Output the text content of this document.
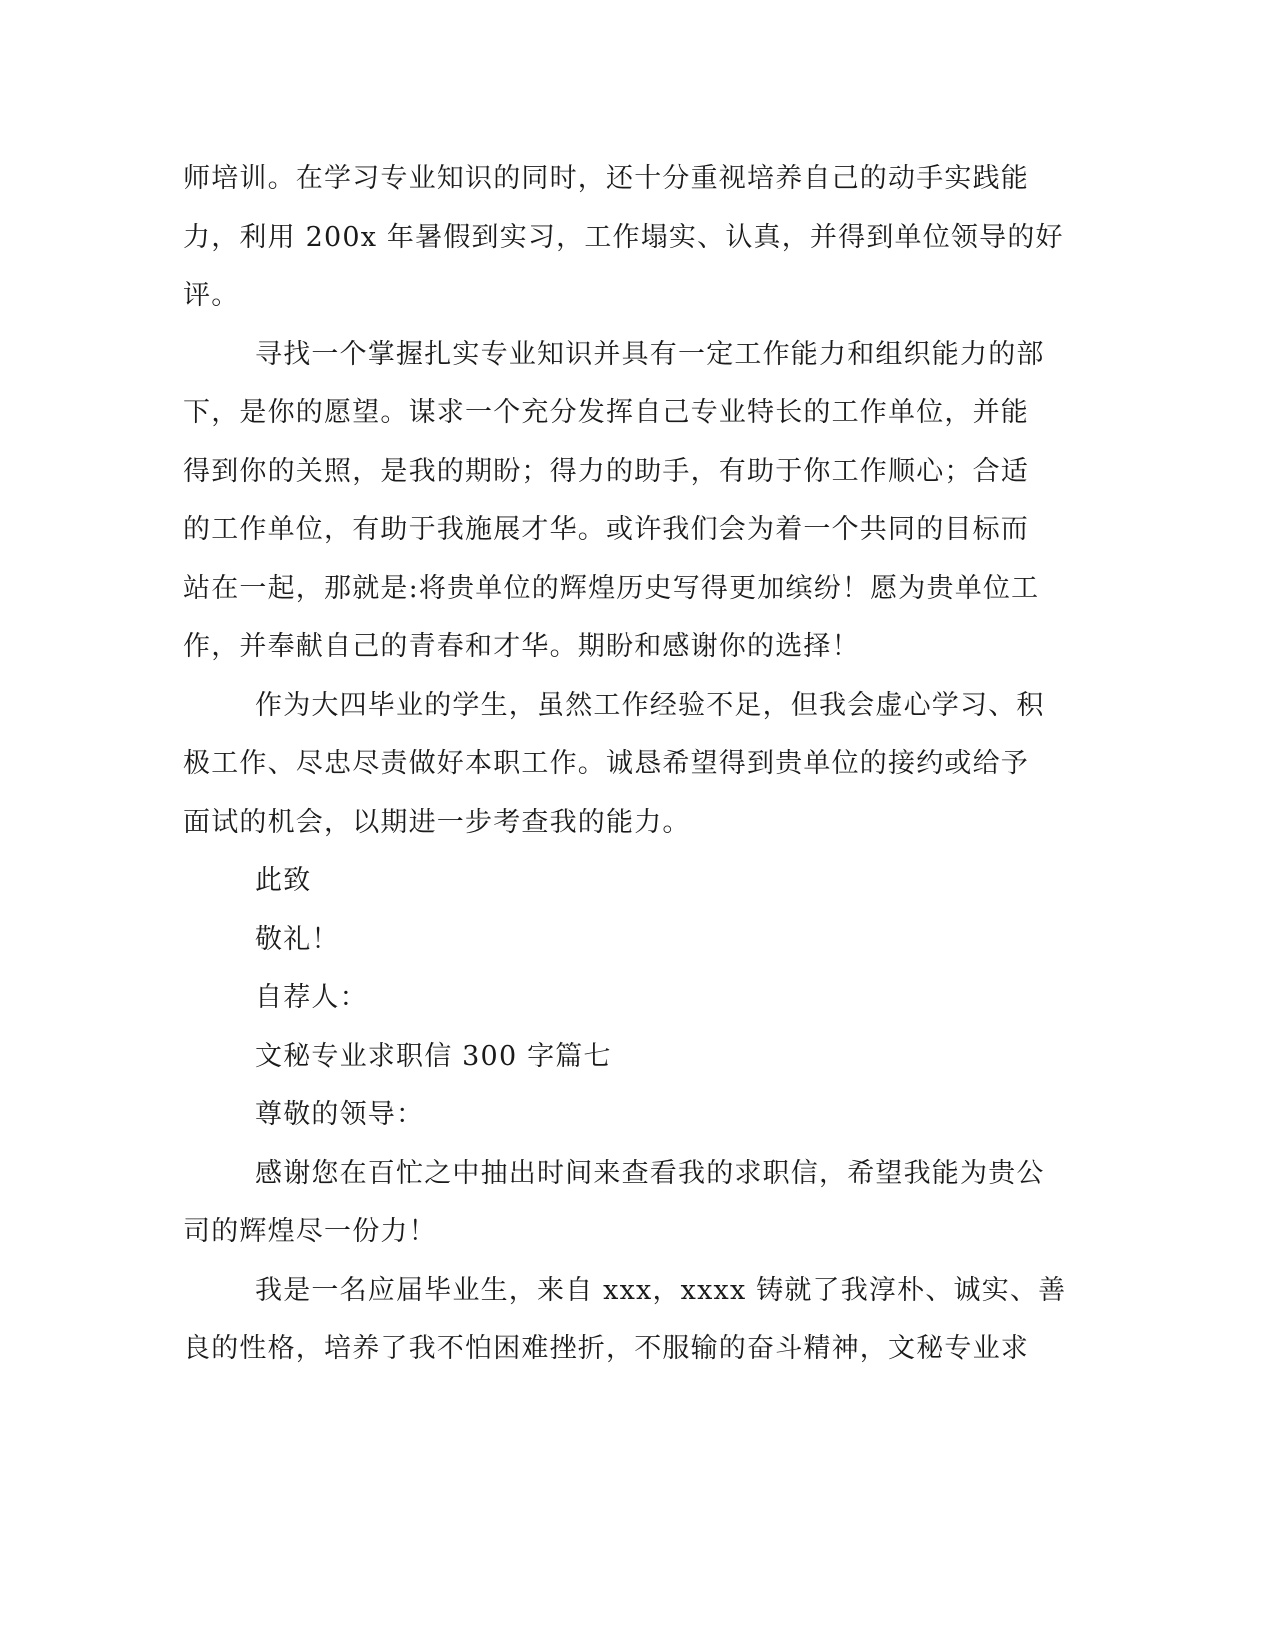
师培训。在学习专业知识的同时，还十分重视培养自己的动手实践能
力，利用 200x 年暑假到实习，工作塌实、认真，并得到单位领导的好
评。
寻找一个掌握扎实专业知识并具有一定工作能力和组织能力的部
下，是你的愿望。谋求一个充分发挥自己专业特长的工作单位，并能
得到你的关照，是我的期盼；得力的助手，有助于你工作顺心；合适
的工作单位，有助于我施展才华。或许我们会为着一个共同的目标而
站在一起，那就是:将贵单位的辉煌历史写得更加缤纷！愿为贵单位工
作，并奉献自己的青春和才华。期盼和感谢你的选择！
作为大四毕业的学生，虽然工作经验不足，但我会虚心学习、积
极工作、尽忠尽责做好本职工作。诚恳希望得到贵单位的接约或给予
面试的机会，以期进一步考查我的能力。
此致
敬礼！
自荐人：
文秘专业求职信 300 字篇七
尊敬的领导：
感谢您在百忙之中抽出时间来查看我的求职信，希望我能为贵公
司的辉煌尽一份力！
我是一名应届毕业生，来自 xxx，xxxx 铸就了我淳朴、诚实、善
良的性格，培养了我不怕困难挫折，不服输的奋斗精神，文秘专业求
